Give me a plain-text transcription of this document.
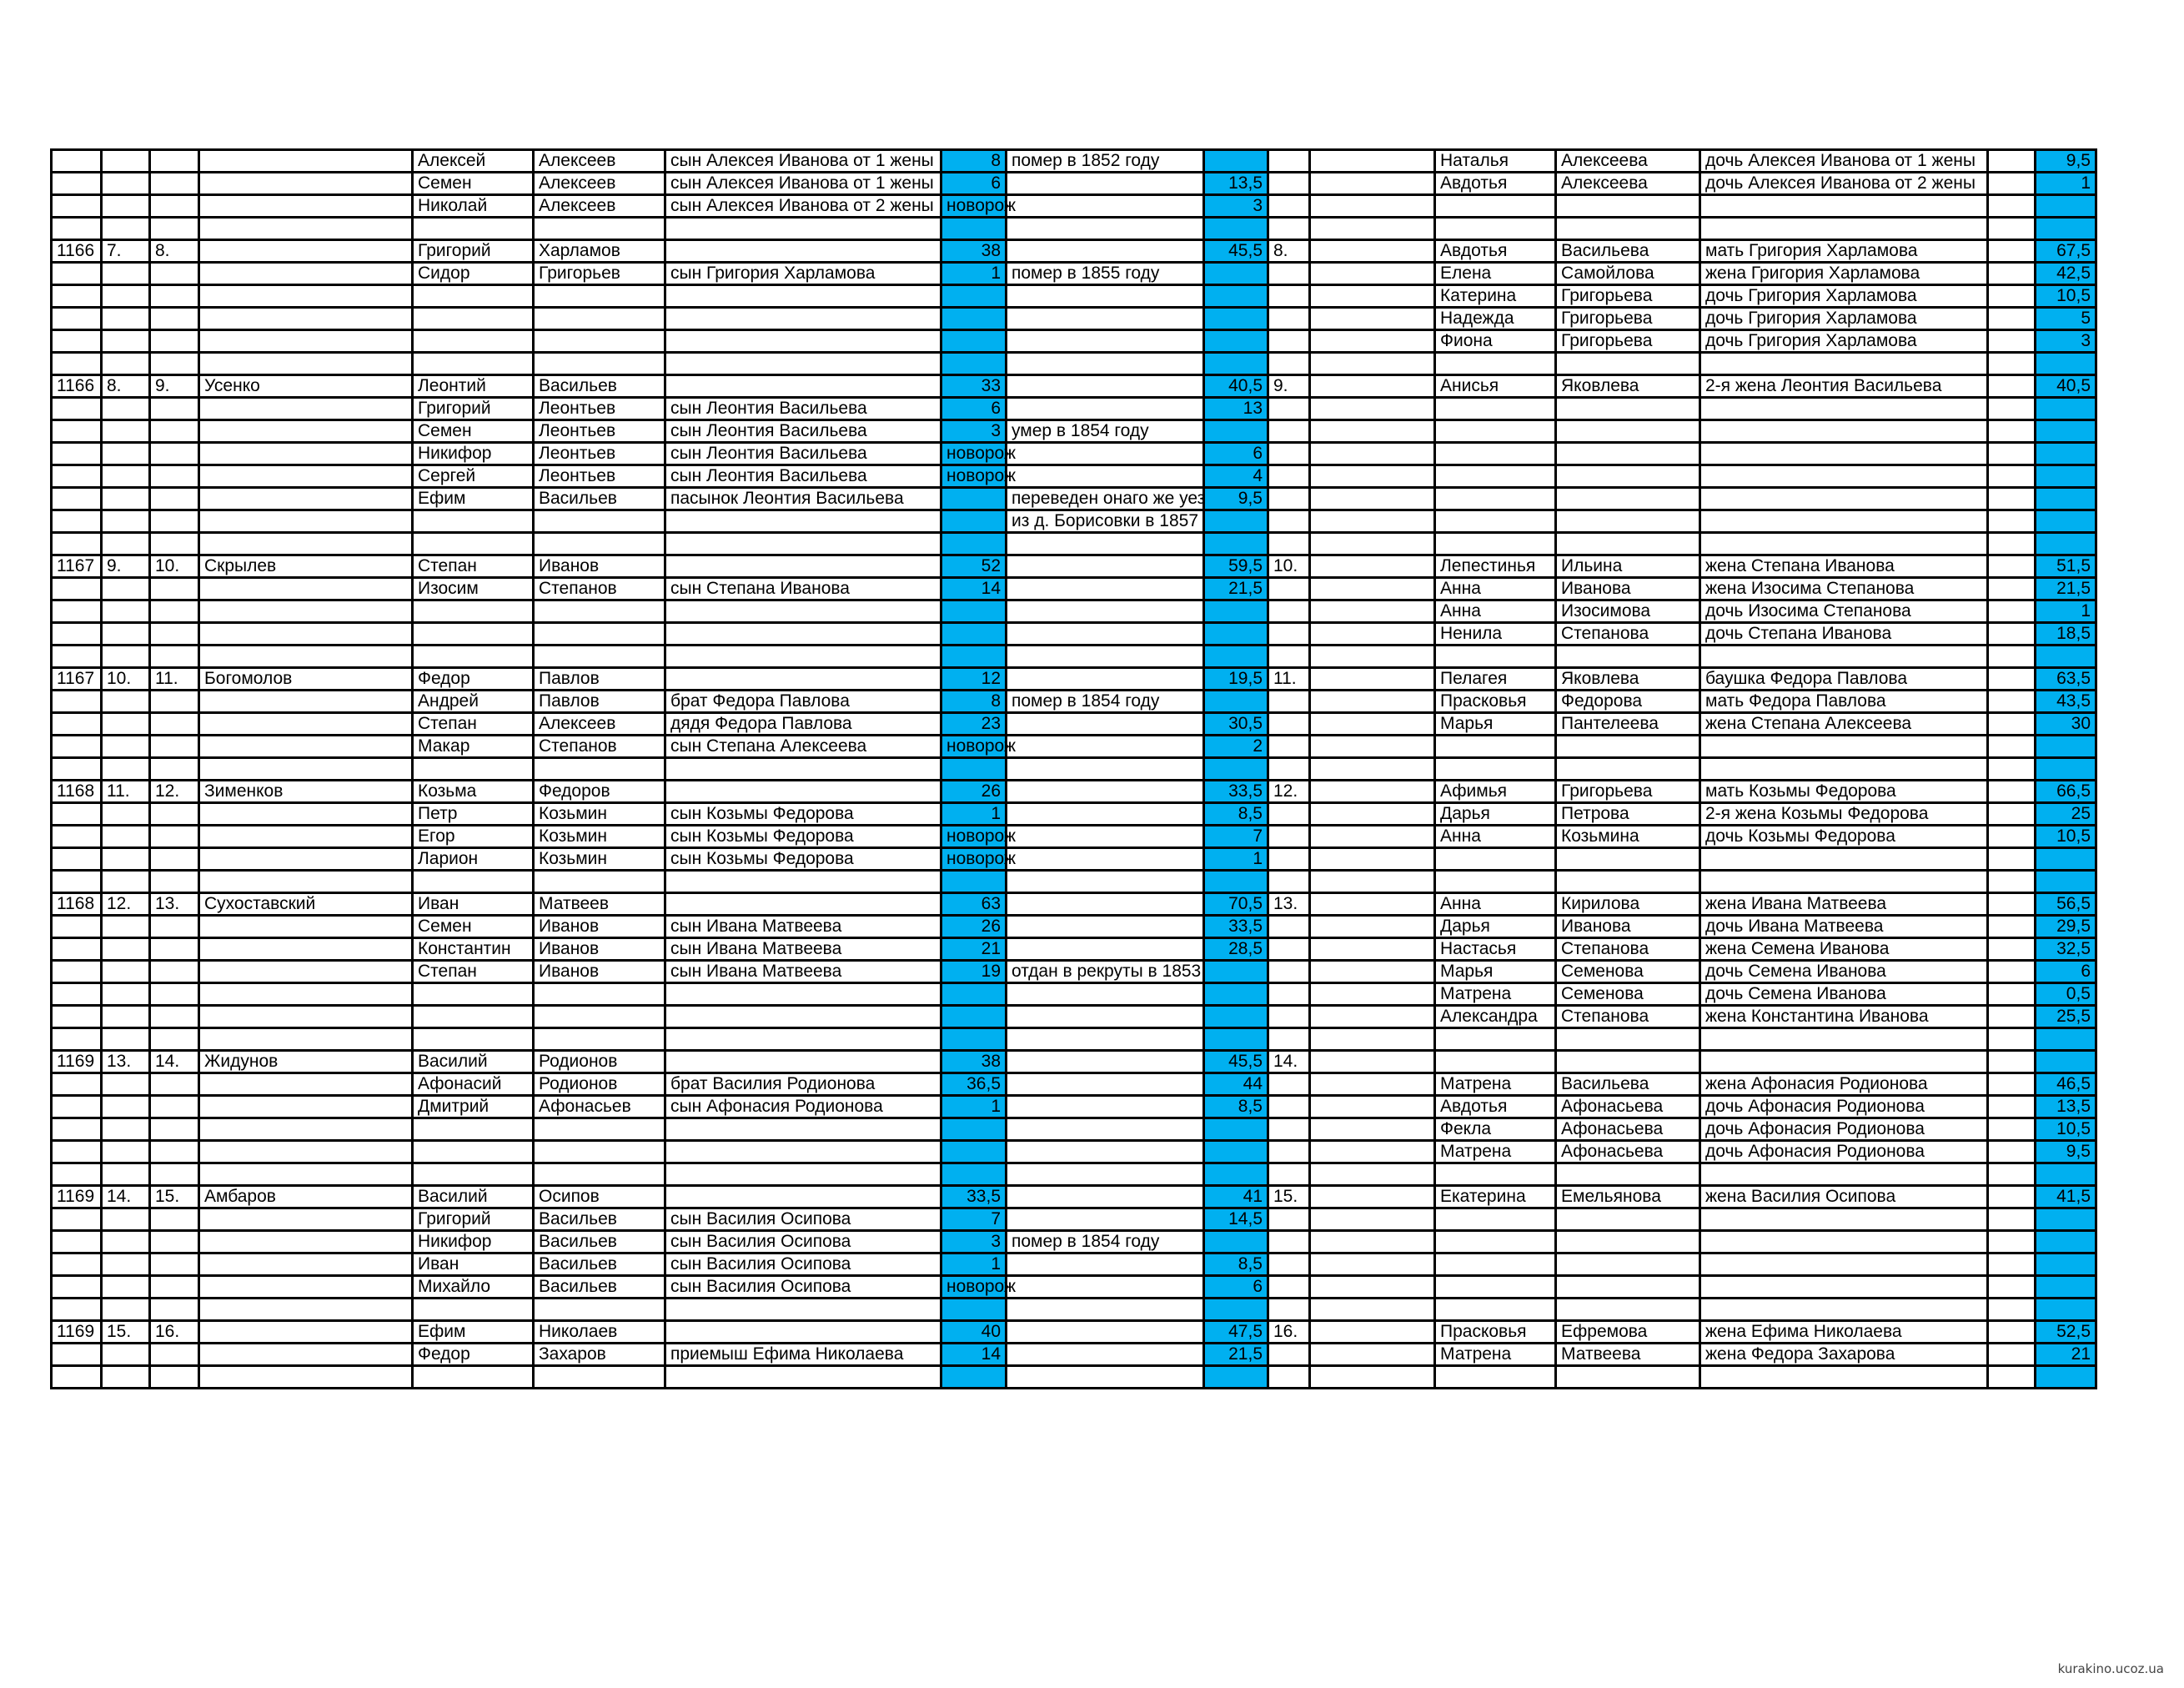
				Алексей	Алексеев	сын Алексея Иванова от 1 жены	8	помер в 1852 году				Наталья	Алексеева	дочь Алексея Иванова от 1 жены		9,5
				Семен	Алексеев	сын Алексея Иванова от 1 жены	6		13,5			Авдотья	Алексеева	дочь Алексея Иванова от 2 жены		1
				Николай	Алексеев	сын Алексея Иванова от 2 жены	новорож		3							

1166	7.	8.		Григорий	Харламов		38		45,5	8.		Авдотья	Васильева	мать Григория Харламова		67,5
				Сидор	Григорьев	сын Григория Харламова	1	помер в 1855 году				Елена	Самойлова	жена Григория Харламова		42,5
												Катерина	Григорьева	дочь Григория Харламова		10,5
												Надежда	Григорьева	дочь Григория Харламова		5
												Фиона	Григорьева	дочь Григория Харламова		3

1166	8.	9.	Усенко	Леонтий	Васильев		33		40,5	9.		Анисья	Яковлева	2-я жена Леонтия Васильева		40,5
				Григорий	Леонтьев	сын Леонтия Васильева	6		13							
				Семен	Леонтьев	сын Леонтия Васильева	3	умер в 1854 году								
				Никифор	Леонтьев	сын Леонтия Васильева	новорож		6							
				Сергей	Леонтьев	сын Леонтия Васильева	новорож		4							
				Ефим	Васильев	пасынок Леонтия Васильева		переведен онаго же уез	9,5							
								из д. Борисовки в 1857								

1167	9.	10.	Скрылев	Степан	Иванов		52		59,5	10.		Лепестинья	Ильина	жена Степана Иванова		51,5
				Изосим	Степанов	сын Степана Иванова	14		21,5			Анна	Иванова	жена Изосима Степанова		21,5
												Анна	Изосимова	дочь Изосима Степанова		1
												Ненила	Степанова	дочь Степана Иванова		18,5

1167	10.	11.	Богомолов	Федор	Павлов		12		19,5	11.		Пелагея	Яковлева	баушка Федора Павлова		63,5
				Андрей	Павлов	брат Федора Павлова	8	помер в 1854 году				Прасковья	Федорова	мать Федора Павлова		43,5
				Степан	Алексеев	дядя Федора Павлова	23		30,5			Марья	Пантелеева	жена Степана Алексеева		30
				Макар	Степанов	сын Степана Алексеева	новорож		2							

1168	11.	12.	Зименков	Козьма	Федоров		26		33,5	12.		Афимья	Григорьева	мать Козьмы Федорова		66,5
				Петр	Козьмин	сын Козьмы Федорова	1		8,5			Дарья	Петрова	2-я жена Козьмы Федорова		25
				Егор	Козьмин	сын Козьмы Федорова	новорож		7			Анна	Козьмина	дочь Козьмы Федорова		10,5
				Ларион	Козьмин	сын Козьмы Федорова	новорож		1							

1168	12.	13.	Сухоставский	Иван	Матвеев		63		70,5	13.		Анна	Кирилова	жена Ивана Матвеева		56,5
				Семен	Иванов	сын Ивана Матвеева	26		33,5			Дарья	Иванова	дочь Ивана Матвеева		29,5
				Константин	Иванов	сын Ивана Матвеева	21		28,5			Настасья	Степанова	жена Семена Иванова		32,5
				Степан	Иванов	сын Ивана Матвеева	19	отдан в рекруты в 1853				Марья	Семенова	дочь Семена Иванова		6
												Матрена	Семенова	дочь Семена Иванова		0,5
												Александра	Степанова	жена Константина Иванова		25,5

1169	13.	14.	Жидунов	Василий	Родионов		38		45,5	14.						
				Афонасий	Родионов	брат Василия Родионова	36,5		44			Матрена	Васильева	жена Афонасия Родионова		46,5
				Дмитрий	Афонасьев	сын Афонасия Родионова	1		8,5			Авдотья	Афонасьева	дочь Афонасия Родионова		13,5
												Фекла	Афонасьева	дочь Афонасия Родионова		10,5
												Матрена	Афонасьева	дочь Афонасия Родионова		9,5

1169	14.	15.	Амбаров	Василий	Осипов		33,5		41	15.		Екатерина	Емельянова	жена Василия Осипова		41,5
				Григорий	Васильев	сын Василия Осипова	7		14,5							
				Никифор	Васильев	сын Василия Осипова	3	помер в 1854 году								
				Иван	Васильев	сын Василия Осипова	1		8,5							
				Михайло	Васильев	сын Василия Осипова	новорож		6							

1169	15.	16.		Ефим	Николаев		40		47,5	16.		Прасковья	Ефремова	жена Ефима Николаева		52,5
				Федор	Захаров	приемыш Ефима Николаева	14		21,5			Матрена	Матвеева	жена Федора Захарова		21

kurakino.ucoz.ua
